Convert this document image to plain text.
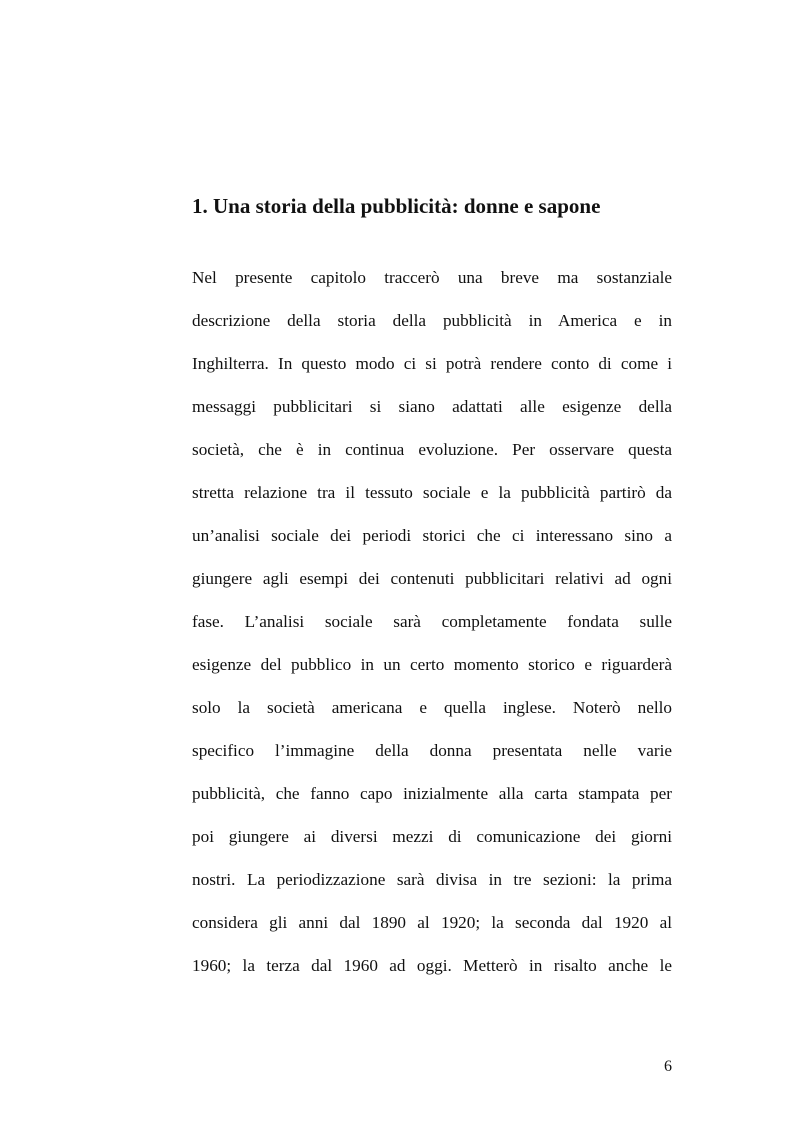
1. Una storia della pubblicità: donne e sapone
Nel presente capitolo traccerò una breve ma sostanziale
descrizione della storia della pubblicità in America e in
Inghilterra. In questo modo ci si potrà rendere conto di come i
messaggi pubblicitari si siano adattati alle esigenze della
società, che è in continua evoluzione. Per osservare questa
stretta relazione tra il tessuto sociale e la pubblicità partirò da
un’analisi sociale dei periodi storici che ci interessano sino a
giungere agli esempi dei contenuti pubblicitari relativi ad ogni
fase. L’analisi sociale sarà completamente fondata sulle
esigenze del pubblico in un certo momento storico e riguarderà
solo la società americana e quella inglese. Noterò nello
specifico l’immagine della donna presentata nelle varie
pubblicità, che fanno capo inizialmente alla carta stampata per
poi giungere ai diversi mezzi di comunicazione dei giorni
nostri. La periodizzazione sarà divisa in tre sezioni: la prima
considera gli anni dal 1890 al 1920; la seconda dal 1920 al
1960; la terza dal 1960 ad oggi. Metterò in risalto anche le
6
